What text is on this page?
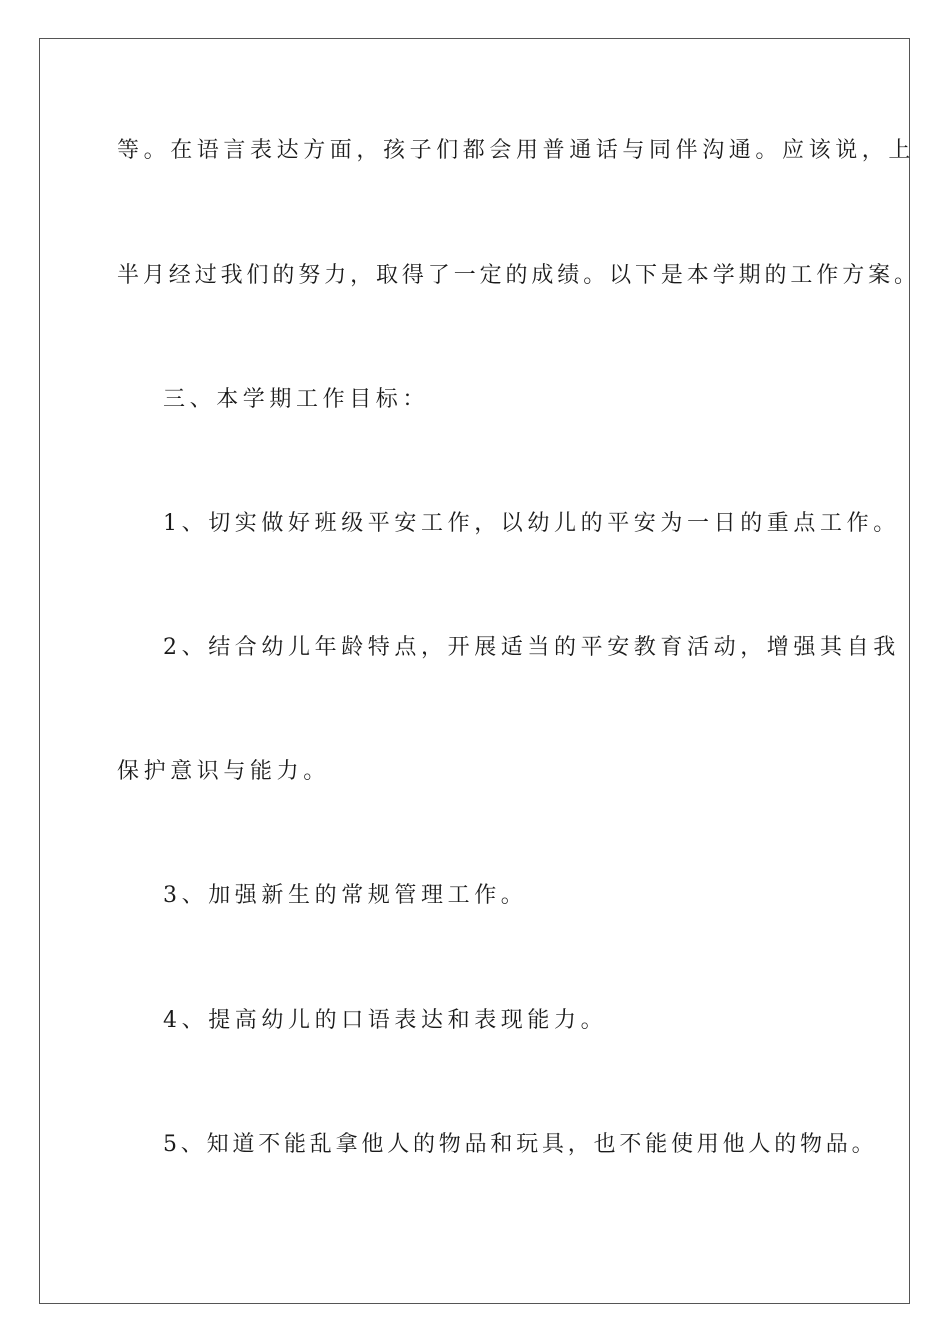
等。在语言表达方面，孩子们都会用普通话与同伴沟通。应该说，上
半月经过我们的努力，取得了一定的成绩。以下是本学期的工作方案。
三、本学期工作目标：
1、切实做好班级平安工作，以幼儿的平安为一日的重点工作。
2、结合幼儿年龄特点，开展适当的平安教育活动，增强其自我
保护意识与能力。
3、加强新生的常规管理工作。
4、提高幼儿的口语表达和表现能力。
5、知道不能乱拿他人的物品和玩具，也不能使用他人的物品。
